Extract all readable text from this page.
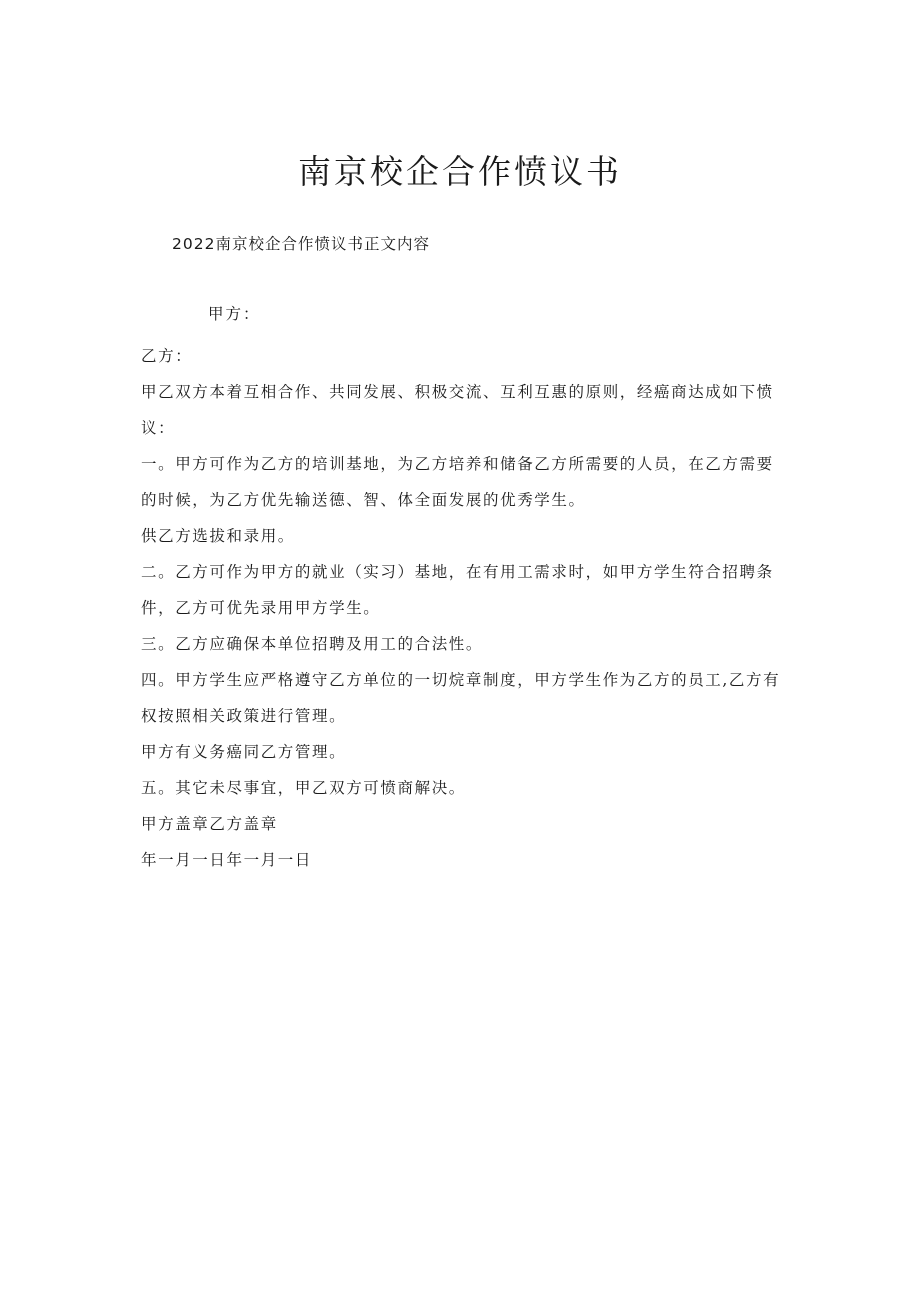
南京校企合作愤议书
2022南京校企合作愤议书正文内容
甲方：

乙方：

甲乙双方本着互相合作、共同发展、积极交流、互利互惠的原则，经癌商达成如下愤议：

一。甲方可作为乙方的培训基地，为乙方培养和储备乙方所需要的人员，在乙方需要的时候，为乙方优先输送德、智、体全面发展的优秀学生。

供乙方选拔和录用。

二。乙方可作为甲方的就业（实习）基地，在有用工需求时，如甲方学生符合招聘条件，乙方可优先录用甲方学生。

三。乙方应确保本单位招聘及用工的合法性。

四。甲方学生应严格遵守乙方单位的一切烷章制度，甲方学生作为乙方的员工,乙方有权按照相关政策进行管理。

甲方有义务癌同乙方管理。

五。其它未尽事宜，甲乙双方可愤商解决。

甲方盖章乙方盖章

年一月一日年一月一日
